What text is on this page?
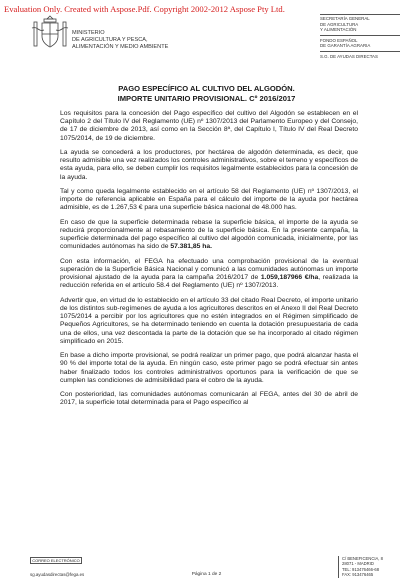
Evaluation Only. Created with Aspose.Pdf. Copyright 2002-2012 Aspose Pty Ltd.
MINISTERIO
DE AGRICULTURA Y PESCA,
ALIMENTACIÓN Y MEDIO AMBIENTE
SECRETARÍA GENERAL
DE AGRICULTURA
Y ALIMENTACIÓN
FONDO ESPAÑOL
DE GARANTÍA AGRARIA
S.G. DE AYUDAS DIRECTAS
PAGO ESPECÍFICO AL CULTIVO DEL ALGODÓN.
IMPORTE UNITARIO PROVISIONAL. Cº 2016/2017

Los requisitos para la concesión del Pago específico del cultivo del Algodón se establecen en el Capítulo 2 del Título IV del Reglamento (UE) nº 1307/2013 del Parlamento Europeo y del Consejo, de 17 de diciembre de 2013, así como en la Sección 8ª, del Capítulo I, Título IV del Real Decreto 1075/2014, de 19 de diciembre.

La ayuda se concederá a los productores, por hectárea de algodón determinada, es decir, que resulto admisible una vez realizados los controles administrativos, sobre el terreno y específicos de esta ayuda, para ello, se deben cumplir los requisitos legalmente establecidos para la concesión de la ayuda.

Tal y como queda legalmente establecido en el artículo 58 del Reglamento (UE) nº 1307/2013, el importe de referencia aplicable en España para el cálculo del importe de la ayuda por hectárea admisible, es de 1.267,53 € para una superficie básica nacional de 48.000 has.

En caso de que la superficie determinada rebase la superficie básica, el importe de la ayuda se reducirá proporcionalmente al rebasamiento de la superficie básica. En la presente campaña, la superficie determinada del pago específico al cultivo del algodón comunicada, inicialmente, por las comunidades autónomas ha sido de 57.381,85 ha.

Con esta información, el FEGA ha efectuado una comprobación provisional de la eventual superación de la Superficie Básica Nacional y comunicó a las comunidades autónomas un importe provisional ajustado de la ayuda para la campaña 2016/2017 de 1.059,187966 €/ha, realizada la reducción referida en el artículo 58.4 del Reglamento (UE) nº 1307/2013.

Advertir que, en virtud de lo establecido en el artículo 33 del citado Real Decreto, el importe unitario de los distintos sub-regímenes de ayuda a los agricultores descritos en el Anexo II del Real Decreto 1075/2014 a percibir por los agricultores que no estén integrados en el Régimen simplificado de Pequeños Agricultores, se ha determinado teniendo en cuenta la dotación presupuestaria de cada una de ellos, una vez descontada la parte de la dotación que se ha incorporado al citado régimen simplificado en 2015.

En base a dicho importe provisional, se podrá realizar un primer pago, que podrá alcanzar hasta el 90 % del importe total de la ayuda. En ningún caso, este primer pago se podrá efectuar sin antes haber finalizado todos los controles administrativos oportunos para la verificación de que se cumplen las condiciones de admisibilidad para el cobro de la ayuda.

Con posterioridad, las comunidades autónomas comunicarán al FEGA, antes del 30 de abril de 2017, la superficie total determinada para el Pago específico al

CORREO ELECTRÓNICO
sg.ayudasdirectas@fega.es	Página 1 de 2
C/ BENEFICENCIA, 8
28071 - MADRID
TEL: 913476466-68
FAX: 913476465
